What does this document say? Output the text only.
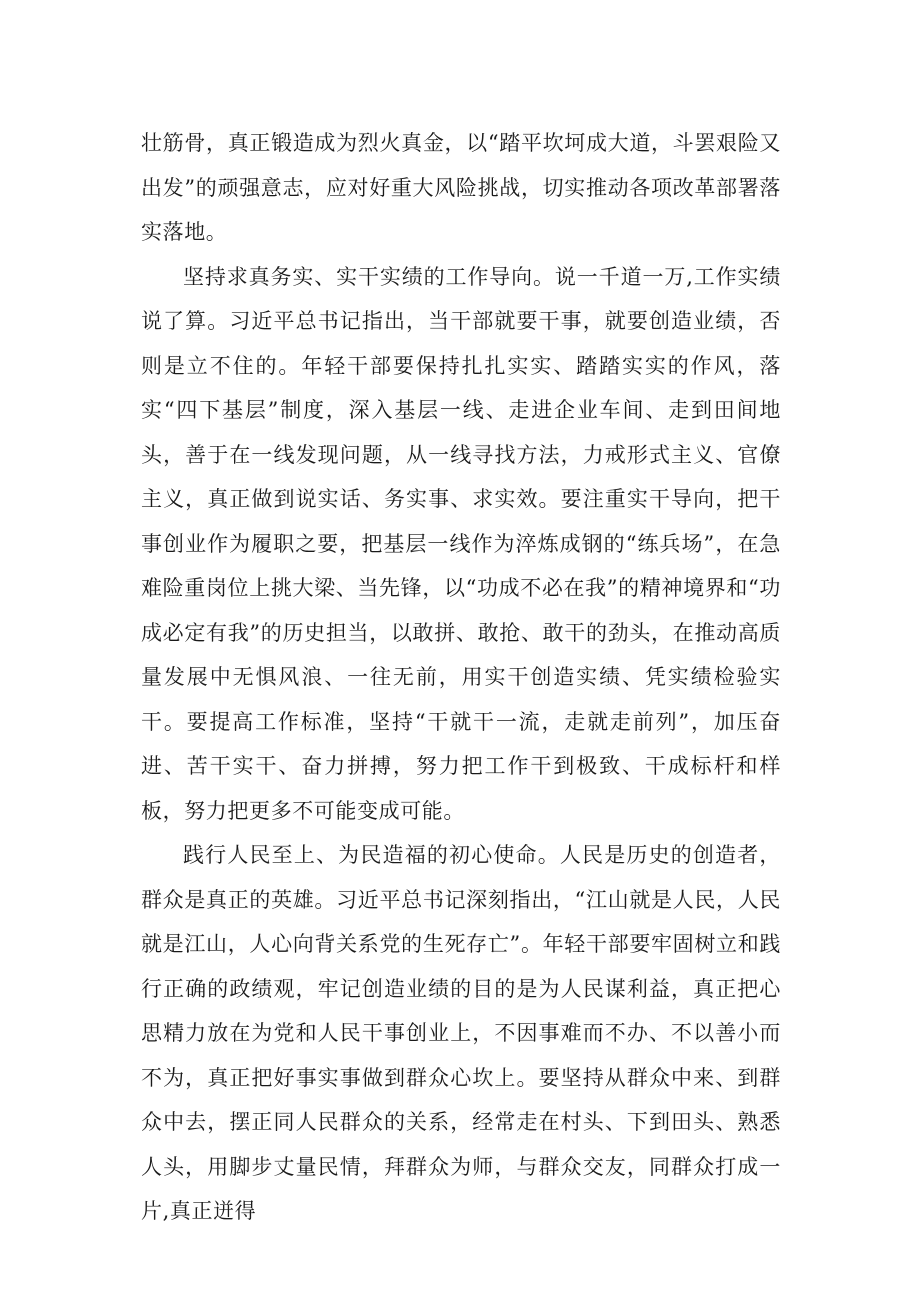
壮筋骨，真正锻造成为烈火真金，以“踏平坎坷成大道，斗罢艰险又出发”的顽强意志，应对好重大风险挑战，切实推动各项改革部署落实落地。

坚持求真务实、实干实绩的工作导向。说一千道一万,工作实绩说了算。习近平总书记指出，当干部就要干事，就要创造业绩，否则是立不住的。年轻干部要保持扎扎实实、踏踏实实的作风，落实“四下基层”制度，深入基层一线、走进企业车间、走到田间地头，善于在一线发现问题，从一线寻找方法，力戒形式主义、官僚主义，真正做到说实话、务实事、求实效。要注重实干导向，把干事创业作为履职之要，把基层一线作为淬炼成钢的“练兵场”，在急难险重岗位上挑大梁、当先锋，以“功成不必在我”的精神境界和“功成必定有我”的历史担当，以敢拼、敢抢、敢干的劲头，在推动高质量发展中无惧风浪、一往无前，用实干创造实绩、凭实绩检验实干。要提高工作标准，坚持“干就干一流，走就走前列”，加压奋进、苦干实干、奋力拼搏，努力把工作干到极致、干成标杆和样板，努力把更多不可能变成可能。

践行人民至上、为民造福的初心使命。人民是历史的创造者，群众是真正的英雄。习近平总书记深刻指出，“江山就是人民，人民就是江山，人心向背关系党的生死存亡”。年轻干部要牢固树立和践行正确的政绩观，牢记创造业绩的目的是为人民谋利益，真正把心思精力放在为党和人民干事创业上，不因事难而不办、不以善小而不为，真正把好事实事做到群众心坎上。要坚持从群众中来、到群众中去，摆正同人民群众的关系，经常走在村头、下到田头、熟悉人头，用脚步丈量民情，拜群众为师，与群众交友，同群众打成一片,真正迸得
